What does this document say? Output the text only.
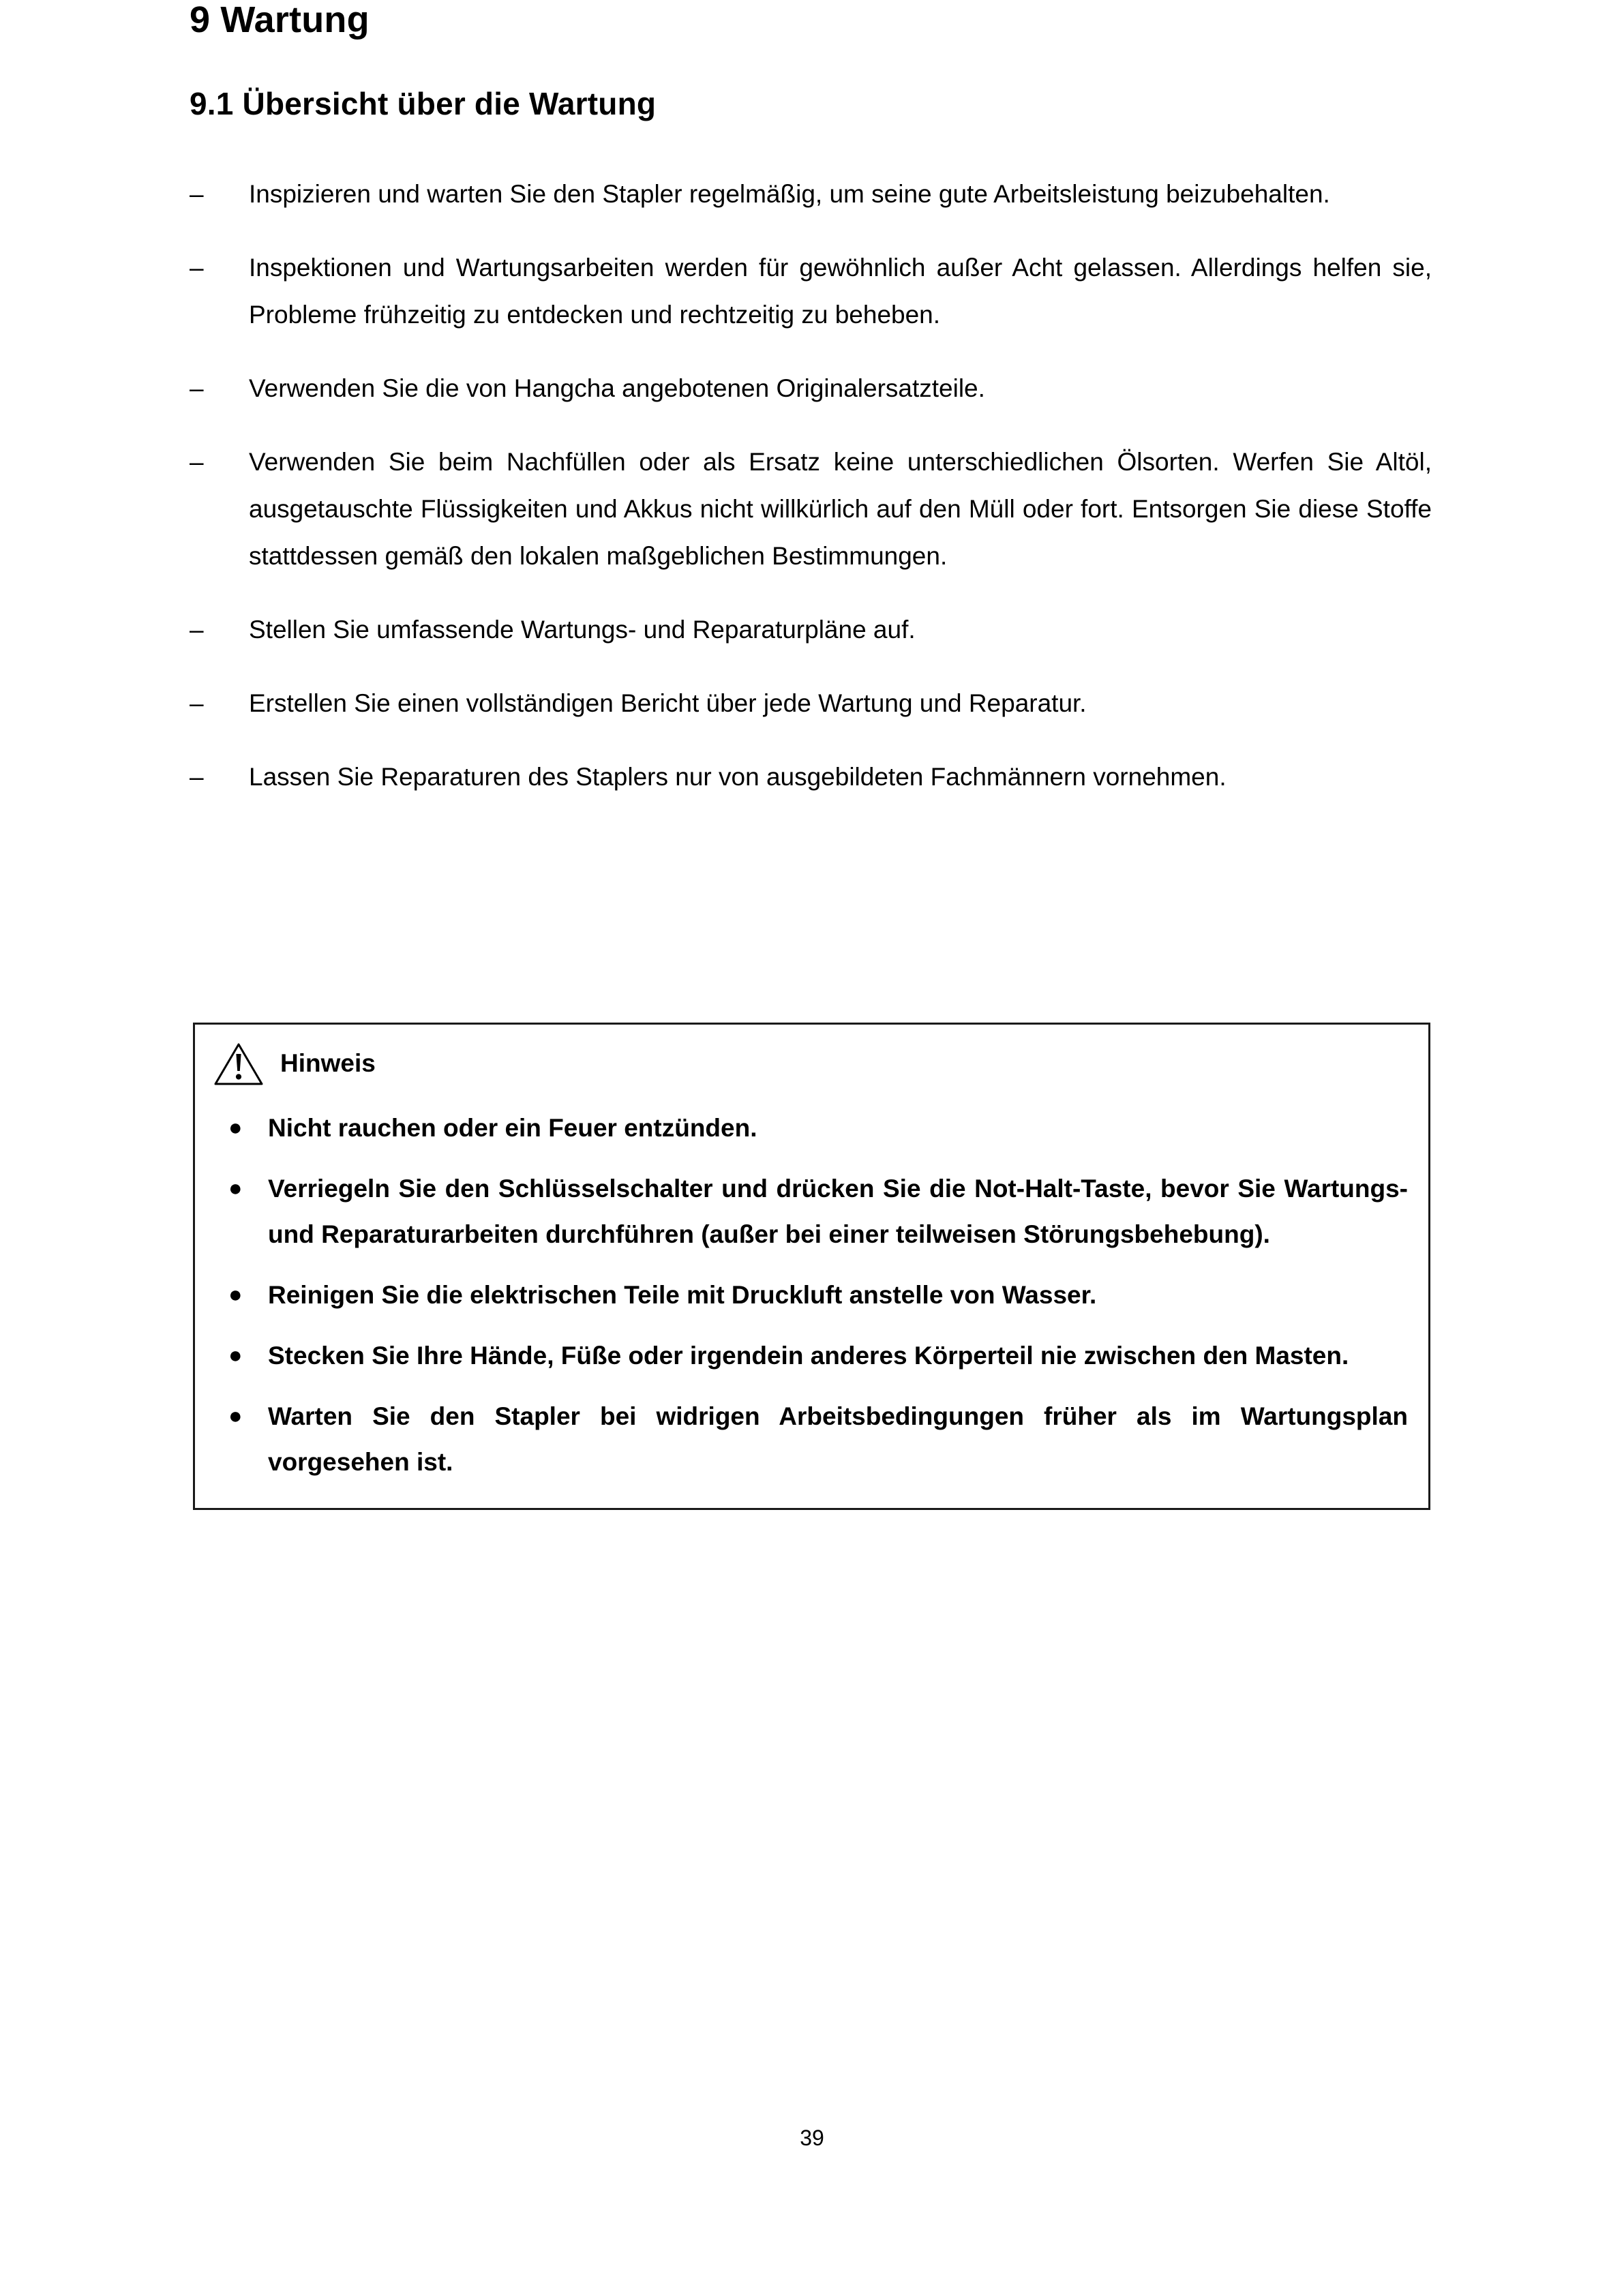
9 Wartung
9.1 Übersicht über die Wartung
– Inspizieren und warten Sie den Stapler regelmäßig, um seine gute Arbeitsleistung beizubehalten.
– Inspektionen und Wartungsarbeiten werden für gewöhnlich außer Acht gelassen. Allerdings helfen sie, Probleme frühzeitig zu entdecken und rechtzeitig zu beheben.
– Verwenden Sie die von Hangcha angebotenen Originalersatzteile.
– Verwenden Sie beim Nachfüllen oder als Ersatz keine unterschiedlichen Ölsorten. Werfen Sie Altöl, ausgetauschte Flüssigkeiten und Akkus nicht willkürlich auf den Müll oder fort. Entsorgen Sie diese Stoffe stattdessen gemäß den lokalen maßgeblichen Bestimmungen.
– Stellen Sie umfassende Wartungs- und Reparaturpläne auf.
– Erstellen Sie einen vollständigen Bericht über jede Wartung und Reparatur.
– Lassen Sie Reparaturen des Staplers nur von ausgebildeten Fachmännern vornehmen.
Hinweis
● Nicht rauchen oder ein Feuer entzünden.
● Verriegeln Sie den Schlüsselschalter und drücken Sie die Not-Halt-Taste, bevor Sie Wartungs- und Reparaturarbeiten durchführen (außer bei einer teilweisen Störungsbehebung).
● Reinigen Sie die elektrischen Teile mit Druckluft anstelle von Wasser.
● Stecken Sie Ihre Hände, Füße oder irgendein anderes Körperteil nie zwischen den Masten.
● Warten Sie den Stapler bei widrigen Arbeitsbedingungen früher als im Wartungsplan vorgesehen ist.
39
